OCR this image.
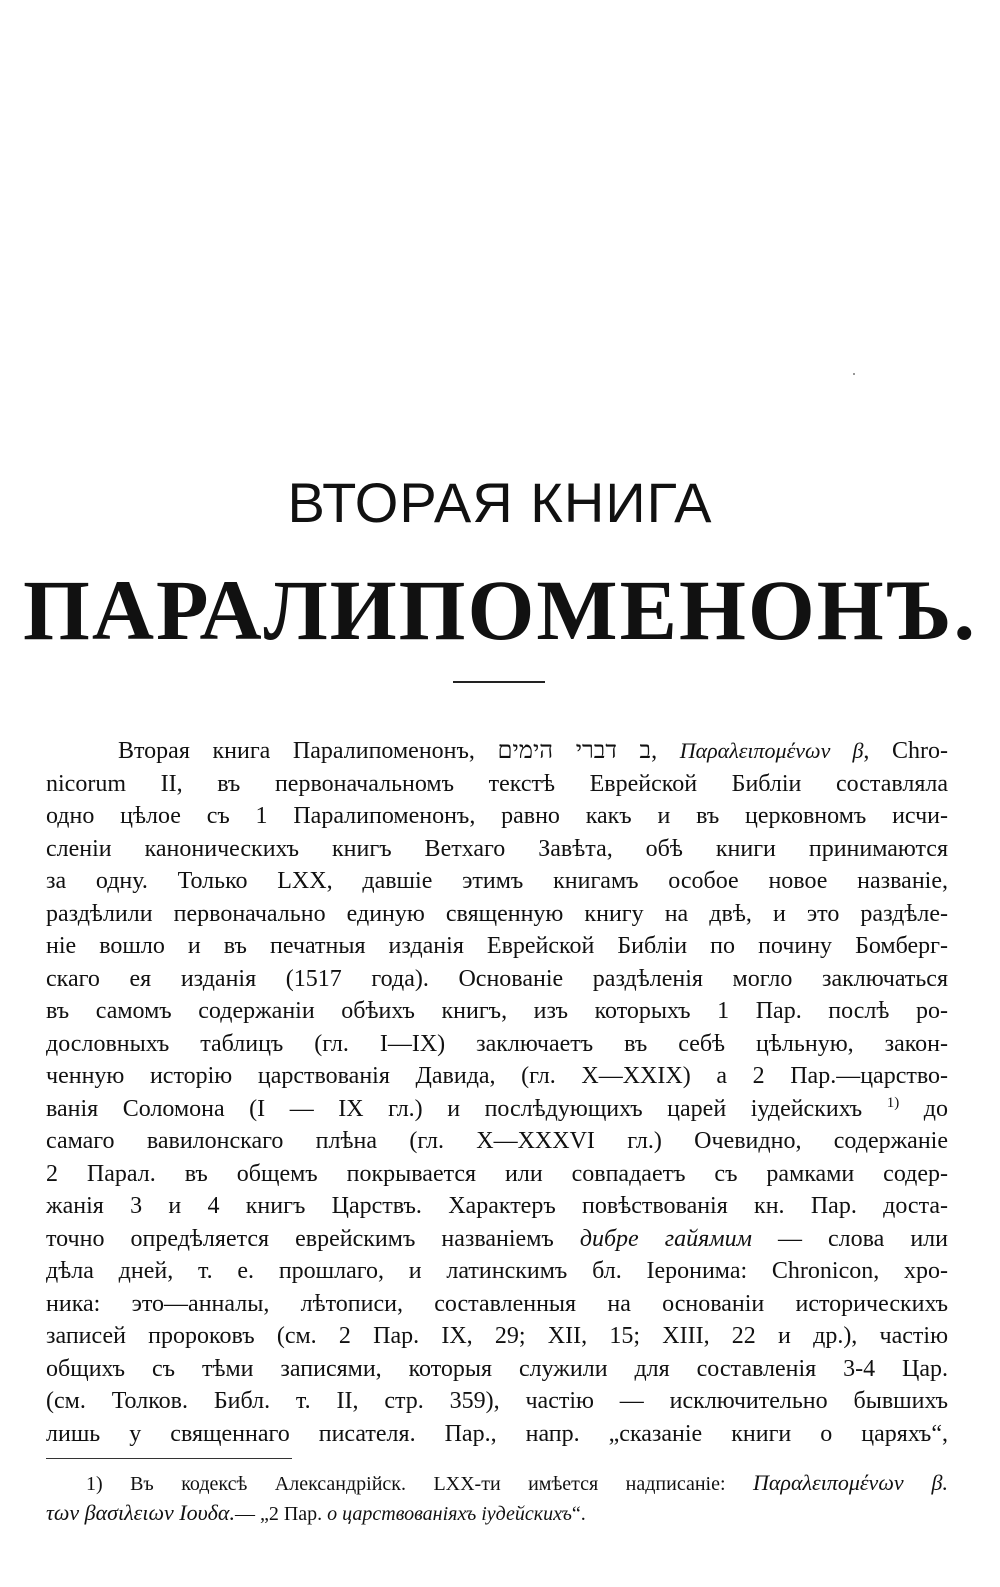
ВТОРАЯ КНИГА
ПАРАЛИПОМЕНОНЪ.
Вторая книга Паралипоменонъ, ב דברי הימים, Παραλειπομένων β, Chro-
nicorum II, въ первоначальномъ текстѣ Еврейской Библіи составляла
одно цѣлое съ 1 Паралипоменонъ, равно какъ и въ церковномъ исчи-
сленіи каноническихъ книгъ Ветхаго Завѣта, обѣ книги принимаются
за одну. Только LXX, давшіе этимъ книгамъ особое новое названіе,
раздѣлили первоначально единую священную книгу на двѣ, и это раздѣле-
ніе вошло и въ печатныя изданія Еврейской Библіи по почину Бомберг-
скаго ея изданія (1517 года). Основаніе раздѣленія могло заключаться
въ самомъ содержаніи обѣихъ книгъ, изъ которыхъ 1 Пар. послѣ ро-
дословныхъ таблицъ (гл. I—IX) заключаетъ въ себѣ цѣльную, закон-
ченную исторію царствованія Давида, (гл. X—XXIX) а 2 Пар.—царство-
ванія Соломона (I — IX гл.) и послѣдующихъ царей іудейскихъ $^{1)}$ до
самаго вавилонскаго плѣна (гл. X—XXXVI гл.) Очевидно, содержаніе
2 Парал. въ общемъ покрывается или совпадаетъ съ рамками содер-
жанія 3 и 4 книгъ Царствъ. Характеръ повѣствованія кн. Пар. доста-
точно опредѣляется еврейскимъ названіемъ дибре гайямим — слова или
дѣла дней, т. е. прошлаго, и латинскимъ бл. Іеронима: Chronicon, хро-
ника: это—анналы, лѣтописи, составленныя на основаніи историческихъ
записей пророковъ (см. 2 Пар. IX, 29; XII, 15; XIII, 22 и др.), частію
общихъ съ тѣми записями, которыя служили для составленія 3-4 Цар.
(см. Толков. Библ. т. II, стр. 359), частію — исключительно бывшихъ
лишь у священнаго писателя. Пар., напр. „сказаніе книги о царяхъ“,
1) Въ кодексѣ Александрійск. LXX-ти имѣется надписаніе: Παραλειπομένων β.
των βασιλειων Ιουδα.— „2 Пар. о царствованіяхъ іудейскихъ“.
